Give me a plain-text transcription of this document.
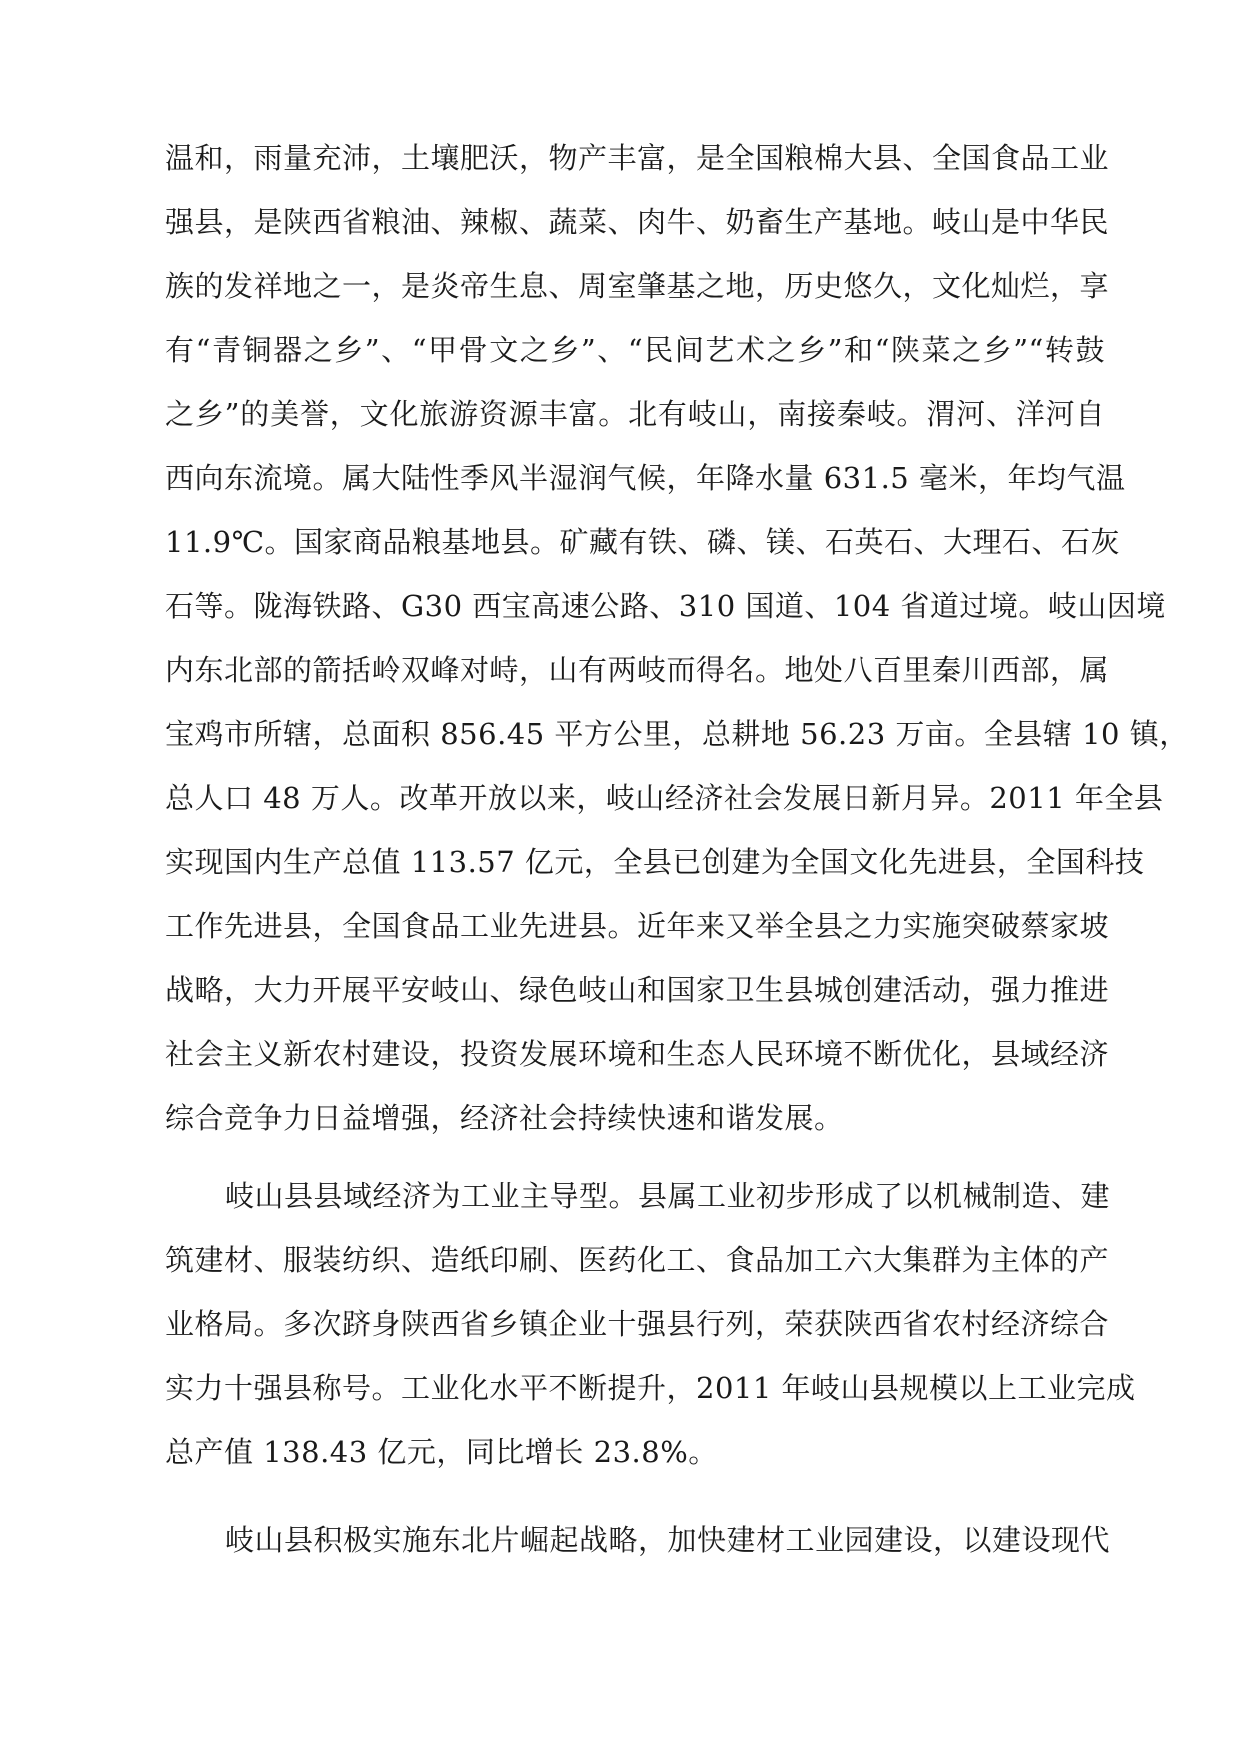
温和，雨量充沛，土壤肥沃，物产丰富，是全国粮棉大县、全国食品工业
强县，是陕西省粮油、辣椒、蔬菜、肉牛、奶畜生产基地。岐山是中华民
族的发祥地之一，是炎帝生息、周室肇基之地，历史悠久，文化灿烂，享
有“青铜器之乡”、“甲骨文之乡”、“民间艺术之乡”和“陕菜之乡”“转鼓
之乡”的美誉，文化旅游资源丰富。北有岐山，南接秦岐。渭河、洋河自
西向东流境。属大陆性季风半湿润气候，年降水量 631.5 毫米，年均气温
11.9℃。国家商品粮基地县。矿藏有铁、磷、镁、石英石、大理石、石灰
石等。陇海铁路、G30 西宝高速公路、310 国道、104 省道过境。岐山因境
内东北部的箭括岭双峰对峙，山有两岐而得名。地处八百里秦川西部，属
宝鸡市所辖，总面积 856.45 平方公里，总耕地 56.23 万亩。全县辖 10 镇，
总人口 48 万人。改革开放以来，岐山经济社会发展日新月异。2011 年全县
实现国内生产总值 113.57 亿元，全县已创建为全国文化先进县，全国科技
工作先进县，全国食品工业先进县。近年来又举全县之力实施突破蔡家坡
战略，大力开展平安岐山、绿色岐山和国家卫生县城创建活动，强力推进
社会主义新农村建设，投资发展环境和生态人民环境不断优化，县域经济
综合竞争力日益增强，经济社会持续快速和谐发展。
岐山县县域经济为工业主导型。县属工业初步形成了以机械制造、建
筑建材、服装纺织、造纸印刷、医药化工、食品加工六大集群为主体的产
业格局。多次跻身陕西省乡镇企业十强县行列，荣获陕西省农村经济综合
实力十强县称号。工业化水平不断提升，2011 年岐山县规模以上工业完成
总产值 138.43 亿元，同比增长 23.8%。
岐山县积极实施东北片崛起战略，加快建材工业园建设，以建设现代
